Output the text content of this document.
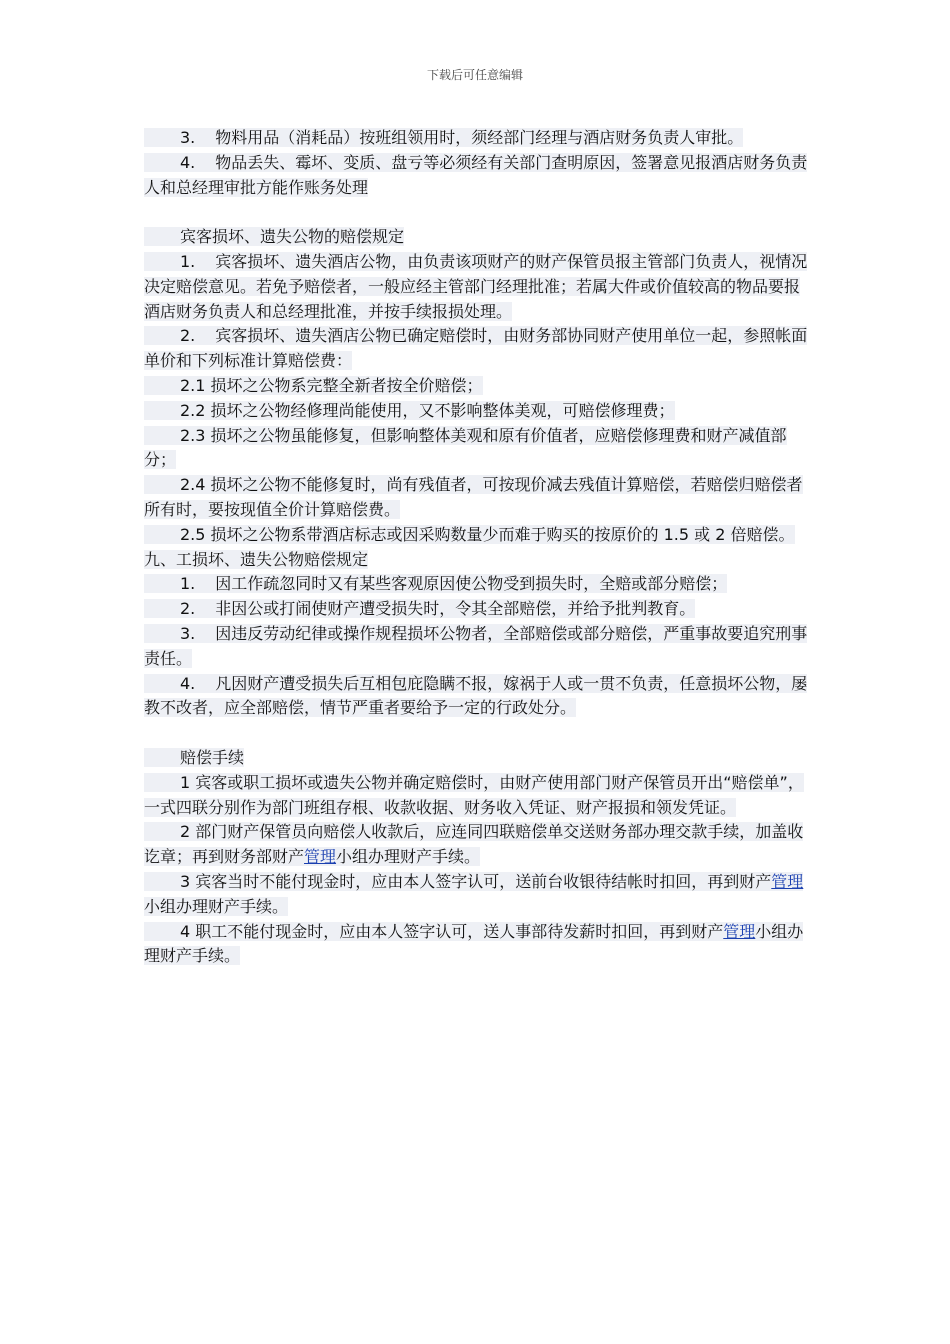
下载后可任意编辑

3. 物料用品（消耗品）按班组领用时，须经部门经理与酒店财务负责人审批。

4. 物品丢失、霉坏、变质、盘亏等必须经有关部门查明原因，签署意见报酒店财务负责人和总经理审批方能作账务处理

宾客损坏、遗失公物的赔偿规定

1. 宾客损坏、遗失酒店公物，由负责该项财产的财产保管员报主管部门负责人，视情况决定赔偿意见。若免予赔偿者，一般应经主管部门经理批准；若属大件或价值较高的物品要报酒店财务负责人和总经理批准，并按手续报损处理。

2. 宾客损坏、遗失酒店公物已确定赔偿时，由财务部协同财产使用单位一起，参照帐面单价和下列标准计算赔偿费：

2.1 损坏之公物系完整全新者按全价赔偿；

2.2 损坏之公物经修理尚能使用，又不影响整体美观，可赔偿修理费；

2.3 损坏之公物虽能修复，但影响整体美观和原有价值者，应赔偿修理费和财产减值部分；

2.4 损坏之公物不能修复时，尚有残值者，可按现价减去残值计算赔偿，若赔偿归赔偿者所有时，要按现值全价计算赔偿费。

2.5 损坏之公物系带酒店标志或因采购数量少而难于购买的按原价的 1.5 或 2 倍赔偿。

九、工损坏、遗失公物赔偿规定

1. 因工作疏忽同时又有某些客观原因使公物受到损失时，全赔或部分赔偿；

2. 非因公或打闹使财产遭受损失时，令其全部赔偿，并给予批判教育。

3. 因违反劳动纪律或操作规程损坏公物者，全部赔偿或部分赔偿，严重事故要追究刑事责任。

4. 凡因财产遭受损失后互相包庇隐瞒不报，嫁祸于人或一贯不负责，任意损坏公物，屡教不改者，应全部赔偿，情节严重者要给予一定的行政处分。

赔偿手续

1 宾客或职工损坏或遗失公物并确定赔偿时，由财产使用部门财产保管员开出“赔偿单”，一式四联分别作为部门班组存根、收款收据、财务收入凭证、财产报损和领发凭证。

2 部门财产保管员向赔偿人收款后，应连同四联赔偿单交送财务部办理交款手续，加盖收讫章；再到财务部财产管理小组办理财产手续。

3 宾客当时不能付现金时，应由本人签字认可，送前台收银待结帐时扣回，再到财产管理小组办理财产手续。

4 职工不能付现金时，应由本人签字认可，送人事部待发薪时扣回，再到财产管理小组办理财产手续。
